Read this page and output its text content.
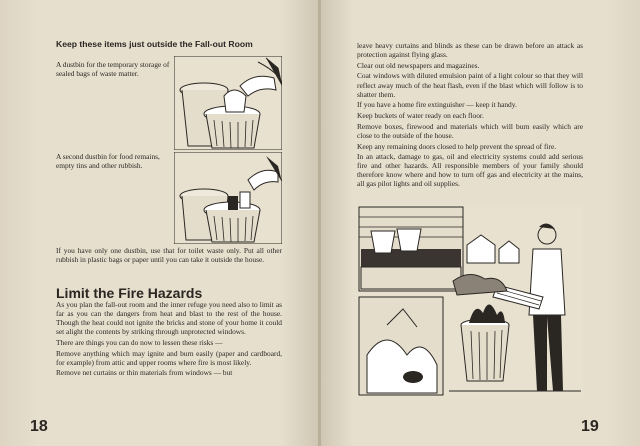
Keep these items just outside the Fall-out Room
A dustbin for the temporary storage of sealed bags of waste matter.
A second dustbin for food remains, empty tins and other rubbish.
If you have only one dustbin, use that for toilet waste only. Put all other rubbish in plastic bags or paper until you can take it outside the house.
Limit the Fire Hazards

As you plan the fall-out room and the inner refuge you need also to limit as far as you can the dangers from heat and blast to the rest of the house. Though the heat could not ignite the bricks and stone of your home it could set alight the contents by striking through unprotected windows.

There are things you can do now to lessen these risks —

Remove anything which may ignite and burn easily (paper and cardboard, for example) from attic and upper rooms where fire is most likely.

Remove net curtains or thin materials from windows — but

18

leave heavy curtains and blinds as these can be drawn before an attack as protection against flying glass.

Clear out old newspapers and magazines.

Coat windows with diluted emulsion paint of a light colour so that they will reflect away much of the heat flash, even if the blast which will follow is to shatter them.

If you have a home fire extinguisher — keep it handy.

Keep buckets of water ready on each floor.

Remove boxes, firewood and materials which will burn easily which are close to the outside of the house.

Keep any remaining doors closed to help prevent the spread of fire.

In an attack, damage to gas, oil and electricity systems could add serious fire and other hazards. All responsible members of your family should therefore know where and how to turn off gas and electricity at the mains, all gas pilot lights and oil supplies.

19
